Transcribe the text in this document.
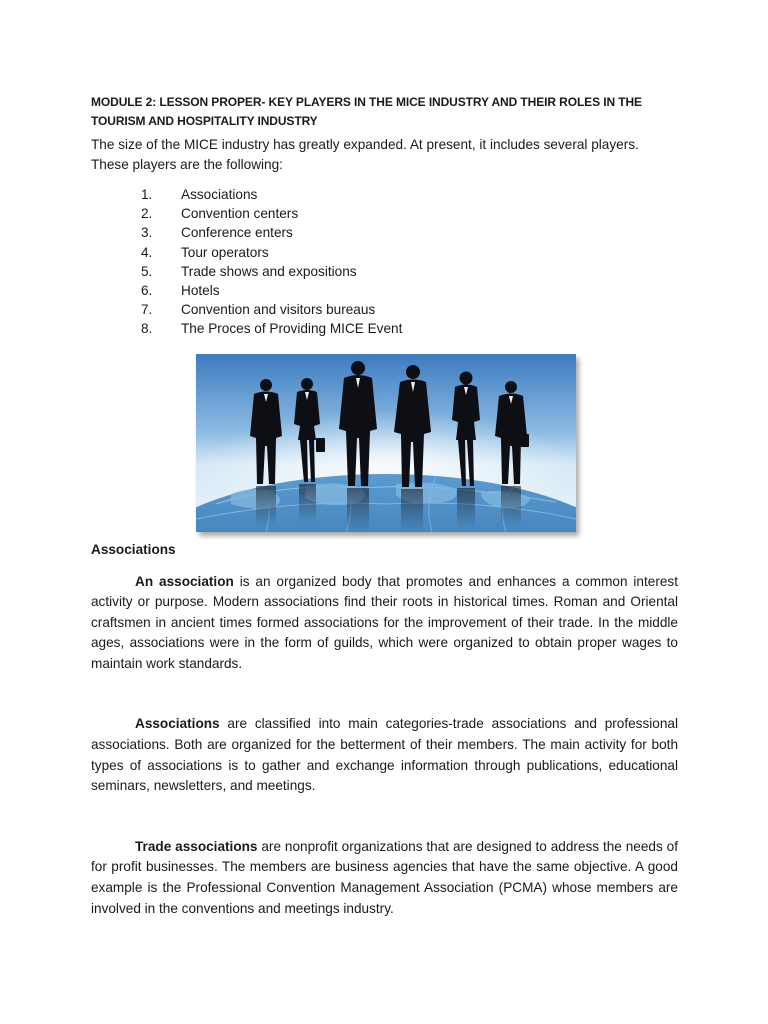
MODULE 2: LESSON PROPER- KEY PLAYERS IN THE MICE INDUSTRY AND THEIR ROLES IN THE TOURISM AND HOSPITALITY INDUSTRY

The size of the MICE industry has greatly expanded. At present, it includes several players. These players are the following:

1. Associations
2. Convention centers
3. Conference enters
4. Tour operators
5. Trade shows and expositions
6. Hotels
7. Convention and visitors bureaus
8. The Proces of Providing MICE Event
Associations

An association is an organized body that promotes and enhances a common interest activity or purpose. Modern associations find their roots in historical times. Roman and Oriental craftsmen in ancient times formed associations for the improvement of their trade. In the middle ages, associations were in the form of guilds, which were organized to obtain proper wages to maintain work standards.

Associations are classified into main categories-trade associations and professional associations. Both are organized for the betterment of their members. The main activity for both types of associations is to gather and exchange information through publications, educational seminars, newsletters, and meetings.

Trade associations are nonprofit organizations that are designed to address the needs of for profit businesses. The members are business agencies that have the same objective. A good example is the Professional Convention Management Association (PCMA) whose members are involved in the conventions and meetings industry.
